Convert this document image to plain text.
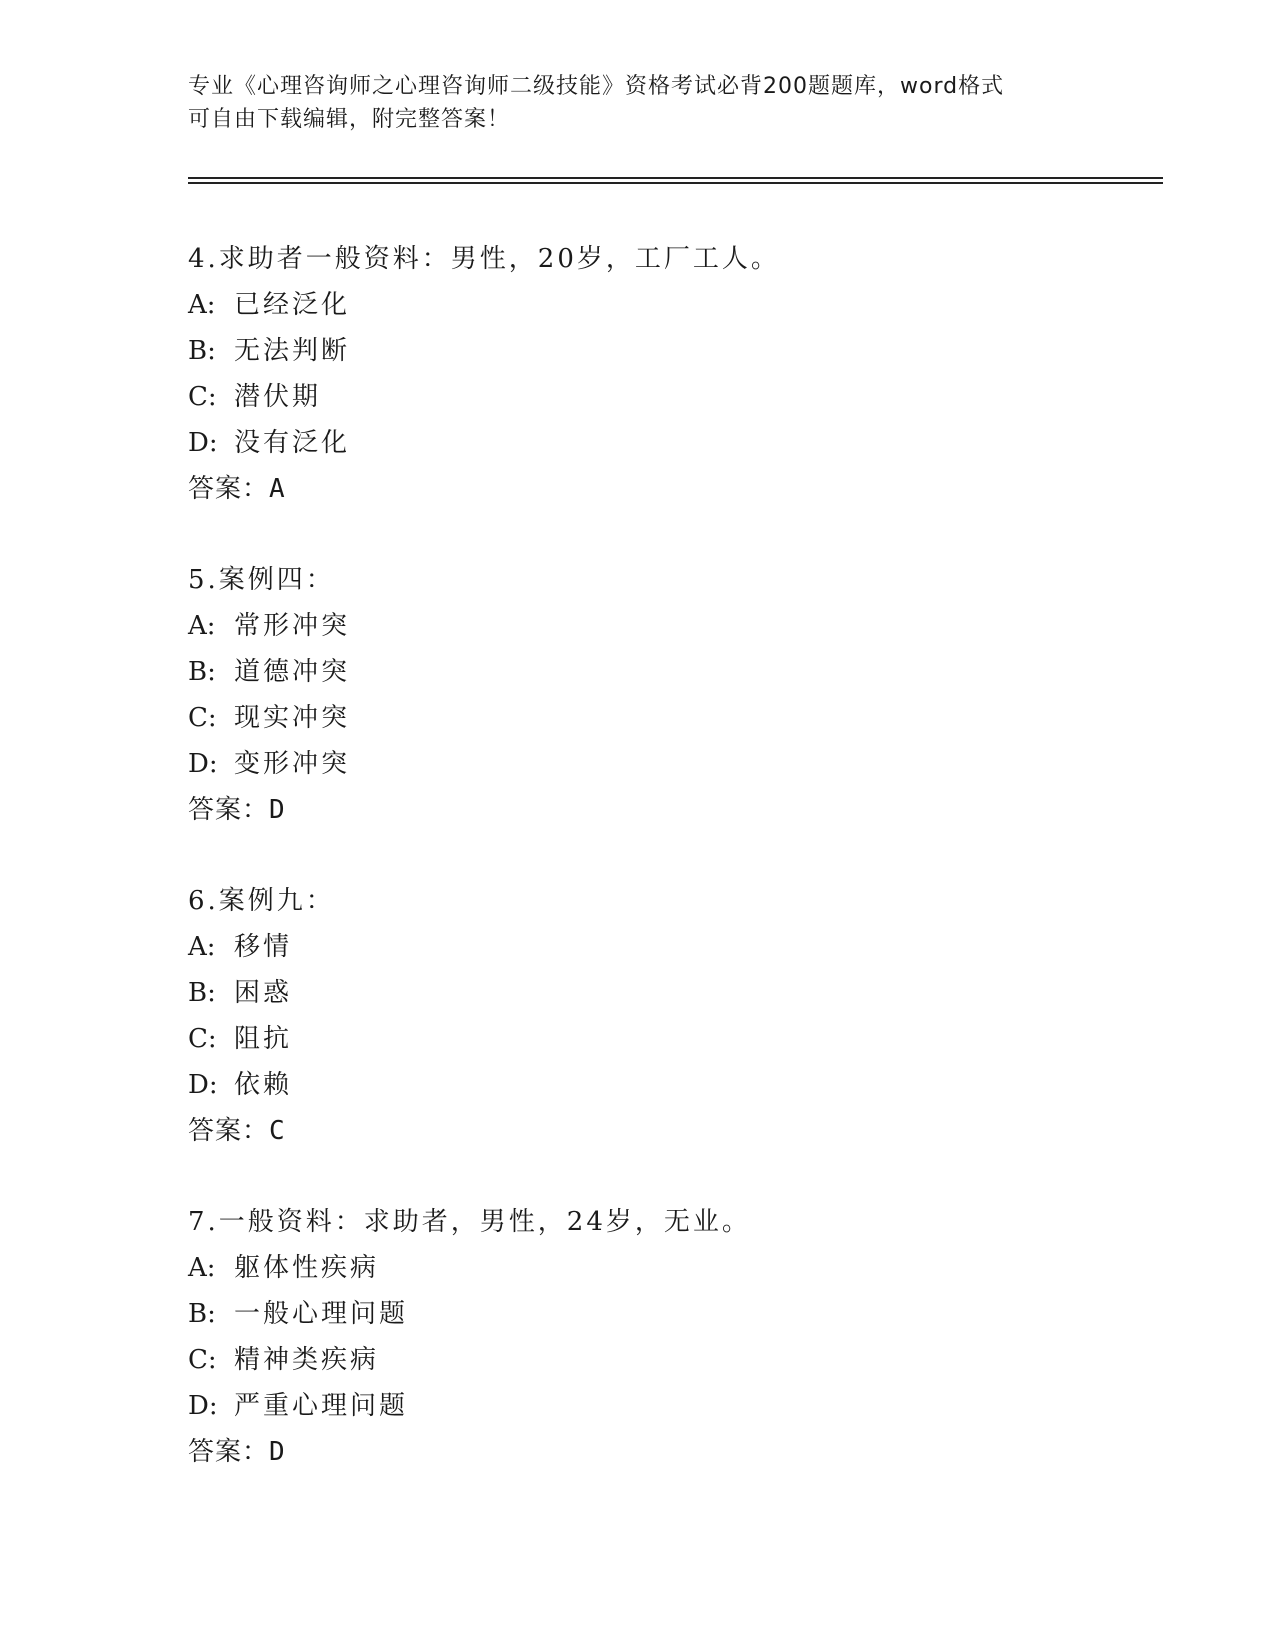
专业《心理咨询师之心理咨询师二级技能》资格考试必背200题题库，word格式
可自由下载编辑，附完整答案！
4.求助者一般资料：男性，20岁，工厂工人。
A: 已经泛化
B: 无法判断
C: 潜伏期
D: 没有泛化
答案：A
5.案例四：
A: 常形冲突
B: 道德冲突
C: 现实冲突
D: 变形冲突
答案：D
6.案例九：
A: 移情
B: 困惑
C: 阻抗
D: 依赖
答案：C
7.一般资料：求助者，男性，24岁，无业。
A: 躯体性疾病
B: 一般心理问题
C: 精神类疾病
D: 严重心理问题
答案：D
